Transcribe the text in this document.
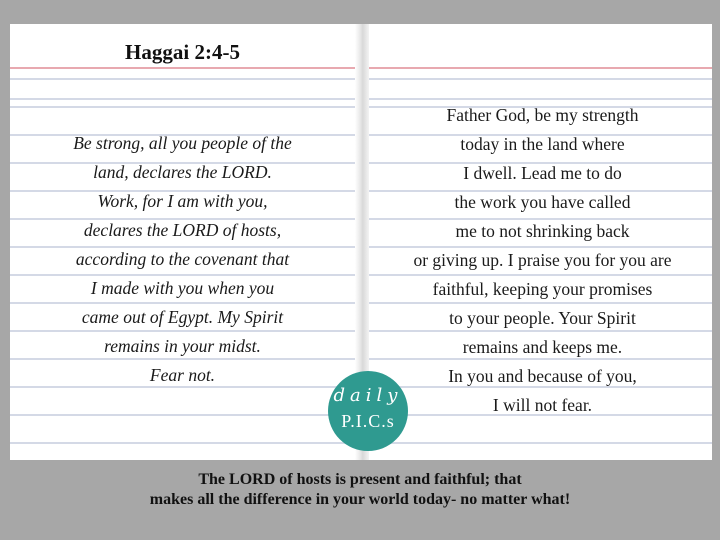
Haggai 2:4-5
Be strong, all you people of the
land, declares the LORD.
Work, for I am with you,
declares the LORD of hosts,
according to the covenant that
I made with you when you
came out of Egypt. My Spirit
remains in your midst.
Fear not.
Father God, be my strength
today in the land where
I dwell. Lead me to do
the work you have called
me to not shrinking back
or giving up. I praise you for you are
faithful, keeping your promises
to your people. Your Spirit
remains and keeps me.
In you and because of you,
I will not fear.
daily
P.I.C.s

The LORD of hosts is present and faithful; that
makes all the difference in your world today- no matter what!
